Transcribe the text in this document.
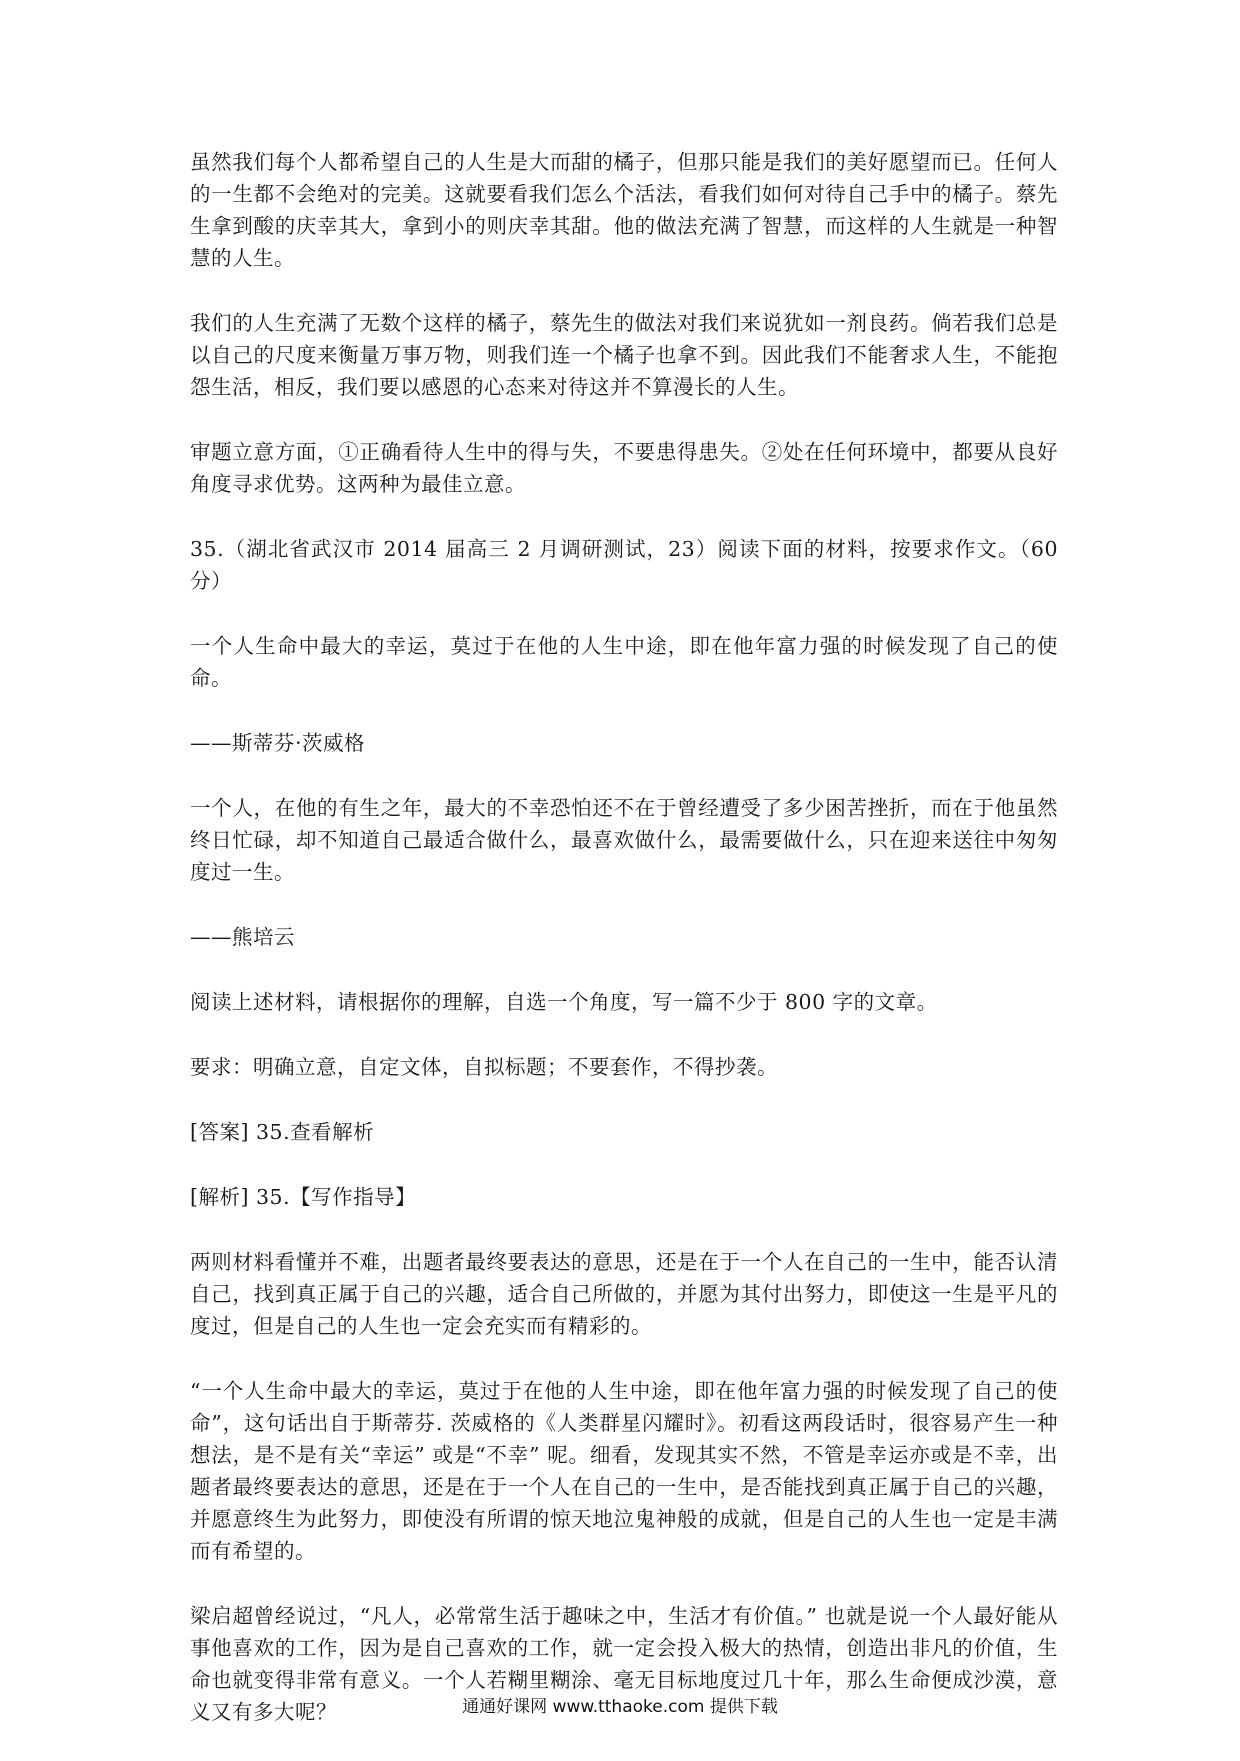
虽然我们每个人都希望自己的人生是大而甜的橘子，但那只能是我们的美好愿望而已。任何人的一生都不会绝对的完美。这就要看我们怎么个活法，看我们如何对待自己手中的橘子。蔡先生拿到酸的庆幸其大，拿到小的则庆幸其甜。他的做法充满了智慧，而这样的人生就是一种智慧的人生。

我们的人生充满了无数个这样的橘子，蔡先生的做法对我们来说犹如一剂良药。倘若我们总是以自己的尺度来衡量万事万物，则我们连一个橘子也拿不到。因此我们不能奢求人生，不能抱怨生活，相反，我们要以感恩的心态来对待这并不算漫长的人生。

审题立意方面，①正确看待人生中的得与失，不要患得患失。②处在任何环境中，都要从良好角度寻求优势。这两种为最佳立意。

35.（湖北省武汉市 2014 届高三 2 月调研测试，23）阅读下面的材料，按要求作文。（60 分）

一个人生命中最大的幸运，莫过于在他的人生中途，即在他年富力强的时候发现了自己的使命。

——斯蒂芬·茨威格

一个人，在他的有生之年，最大的不幸恐怕还不在于曾经遭受了多少困苦挫折，而在于他虽然终日忙碌，却不知道自己最适合做什么，最喜欢做什么，最需要做什么，只在迎来送往中匆匆度过一生。

——熊培云

阅读上述材料，请根据你的理解，自选一个角度，写一篇不少于 800 字的文章。

要求：明确立意，自定文体，自拟标题；不要套作，不得抄袭。

[答案] 35.查看解析

[解析] 35.【写作指导】

两则材料看懂并不难，出题者最终要表达的意思，还是在于一个人在自己的一生中，能否认清自己，找到真正属于自己的兴趣，适合自己所做的，并愿为其付出努力，即使这一生是平凡的度过，但是自己的人生也一定会充实而有精彩的。

“一个人生命中最大的幸运，莫过于在他的人生中途，即在他年富力强的时候发现了自己的使命”，这句话出自于斯蒂芬. 茨威格的《人类群星闪耀时》。初看这两段话时，很容易产生一种想法，是不是有关“幸运” 或是“不幸” 呢。细看，发现其实不然，不管是幸运亦或是不幸，出题者最终要表达的意思，还是在于一个人在自己的一生中，是否能找到真正属于自己的兴趣，并愿意终生为此努力，即使没有所谓的惊天地泣鬼神般的成就，但是自己的人生也一定是丰满而有希望的。

梁启超曾经说过，“凡人，必常常生活于趣味之中，生活才有价值。” 也就是说一个人最好能从事他喜欢的工作，因为是自己喜欢的工作，就一定会投入极大的热情，创造出非凡的价值，生命也就变得非常有意义。一个人若糊里糊涂、毫无目标地度过几十年，那么生命便成沙漠，意义又有多大呢？	通通好课网 www.tthaoke.com 提供下载
